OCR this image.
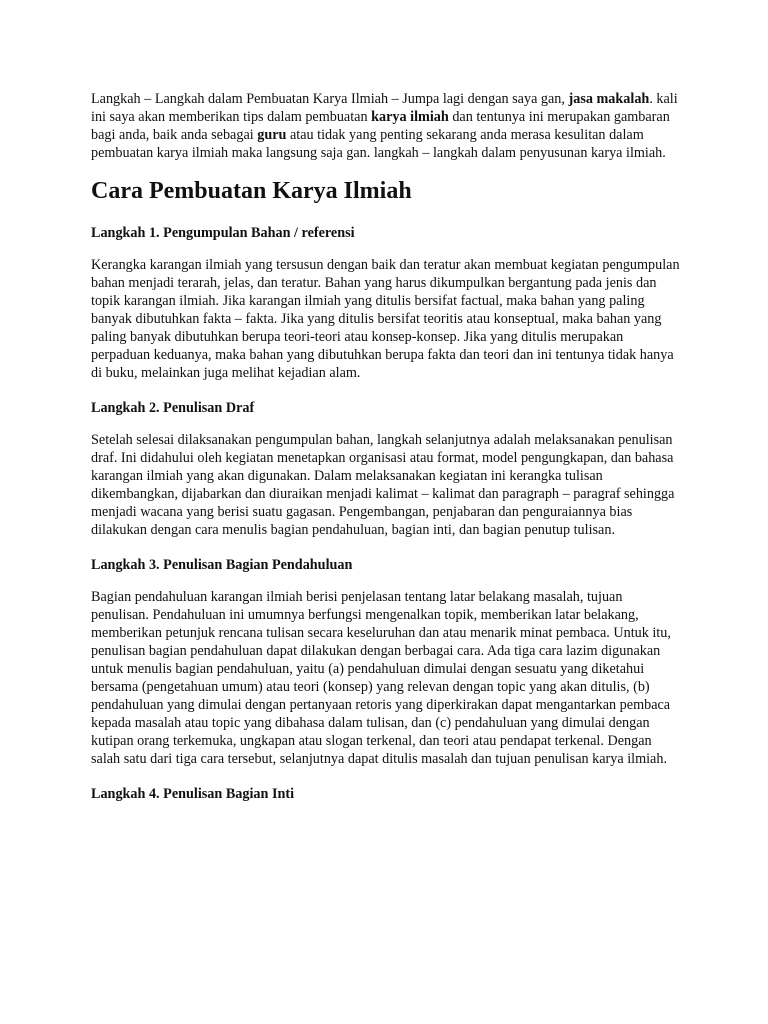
Langkah – Langkah dalam Pembuatan Karya Ilmiah – Jumpa lagi dengan saya gan, jasa makalah. kali ini saya akan memberikan tips dalam pembuatan karya ilmiah dan tentunya ini merupakan gambaran bagi anda, baik anda sebagai guru atau tidak yang penting sekarang anda merasa kesulitan dalam pembuatan karya ilmiah maka langsung saja gan. langkah – langkah dalam penyusunan karya ilmiah.

Cara Pembuatan Karya Ilmiah
Langkah 1. Pengumpulan Bahan / referensi

Kerangka karangan ilmiah yang tersusun dengan baik dan teratur akan membuat kegiatan pengumpulan bahan menjadi terarah, jelas, dan teratur. Bahan yang harus dikumpulkan bergantung pada jenis dan topik karangan ilmiah. Jika karangan ilmiah yang ditulis bersifat factual, maka bahan yang paling banyak dibutuhkan fakta – fakta. Jika yang ditulis bersifat teoritis atau konseptual, maka bahan yang paling banyak dibutuhkan berupa teori-teori atau konsep-konsep. Jika yang ditulis merupakan perpaduan keduanya, maka bahan yang dibutuhkan berupa fakta dan teori dan ini tentunya tidak hanya di buku, melainkan juga melihat kejadian alam.

Langkah 2. Penulisan Draf

Setelah selesai dilaksanakan pengumpulan bahan, langkah selanjutnya adalah melaksanakan penulisan draf. Ini didahului oleh kegiatan menetapkan organisasi atau format, model pengungkapan, dan bahasa karangan ilmiah yang akan digunakan. Dalam melaksanakan kegiatan ini kerangka tulisan dikembangkan, dijabarkan dan diuraikan menjadi kalimat – kalimat dan paragraph – paragraf sehingga menjadi wacana yang berisi suatu gagasan. Pengembangan, penjabaran dan penguraiannya bias dilakukan dengan cara menulis bagian pendahuluan, bagian inti, dan bagian penutup tulisan.

Langkah 3. Penulisan Bagian Pendahuluan

Bagian pendahuluan karangan ilmiah berisi penjelasan tentang latar belakang masalah, tujuan penulisan. Pendahuluan ini umumnya berfungsi mengenalkan topik, memberikan latar belakang, memberikan petunjuk rencana tulisan secara keseluruhan dan atau menarik minat pembaca. Untuk itu, penulisan bagian pendahuluan dapat dilakukan dengan berbagai cara. Ada tiga cara lazim digunakan untuk menulis bagian pendahuluan, yaitu (a) pendahuluan dimulai dengan sesuatu yang diketahui bersama (pengetahuan umum) atau teori (konsep) yang relevan dengan topic yang akan ditulis, (b) pendahuluan yang dimulai dengan pertanyaan retoris yang diperkirakan dapat mengantarkan pembaca kepada masalah atau topic yang dibahasa dalam tulisan, dan (c) pendahuluan yang dimulai dengan kutipan orang terkemuka, ungkapan atau slogan terkenal, dan teori atau pendapat terkenal. Dengan salah satu dari tiga cara tersebut, selanjutnya dapat ditulis masalah dan tujuan penulisan karya ilmiah.

Langkah 4. Penulisan Bagian Inti
